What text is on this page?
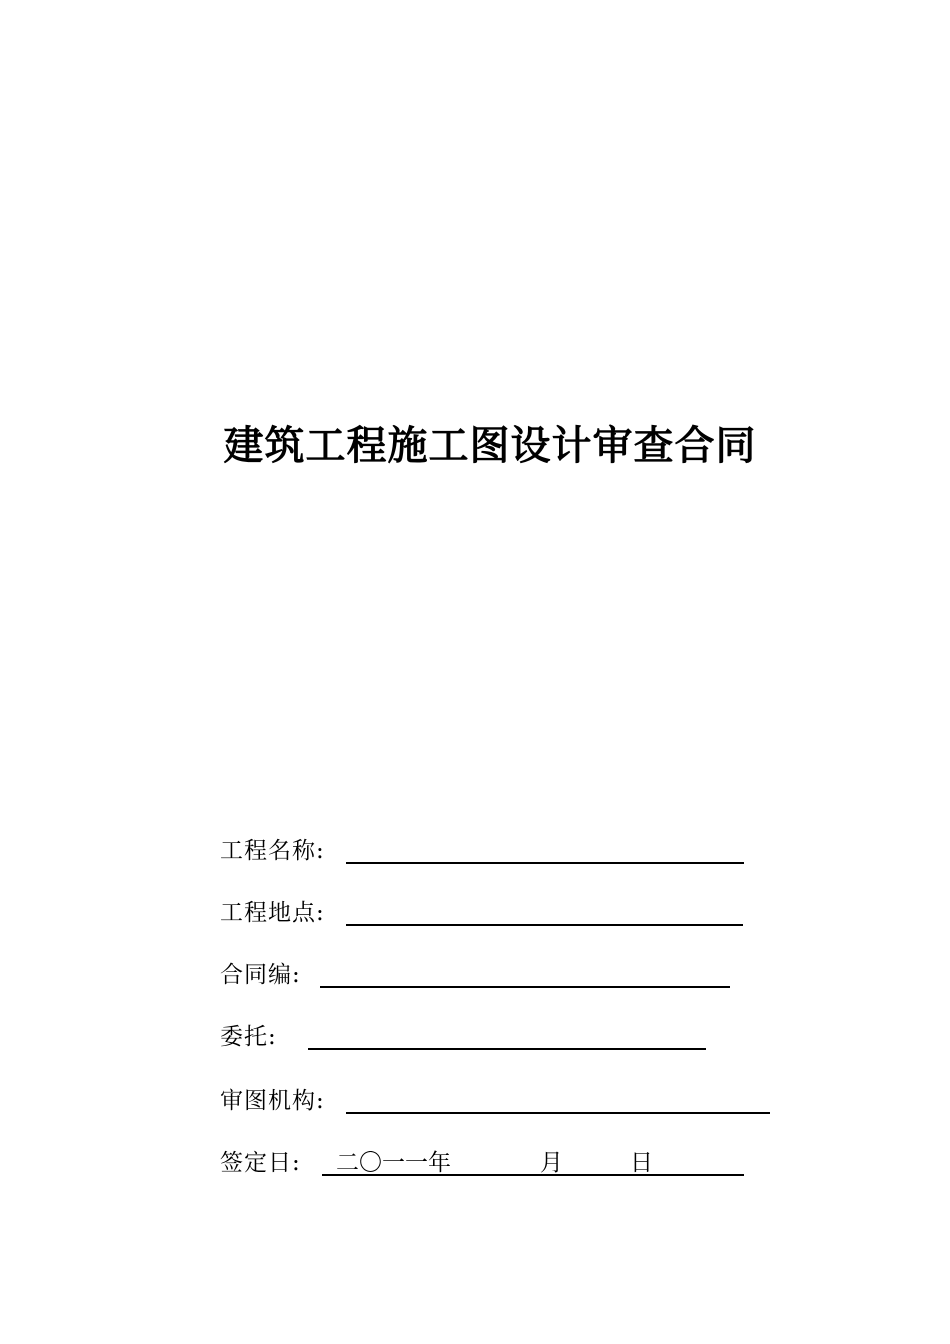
建筑工程施工图设计审查合同
工程名称:
工程地点:
合同编:
委托:
审图机构:
签定日: 二〇一一年	月	日
